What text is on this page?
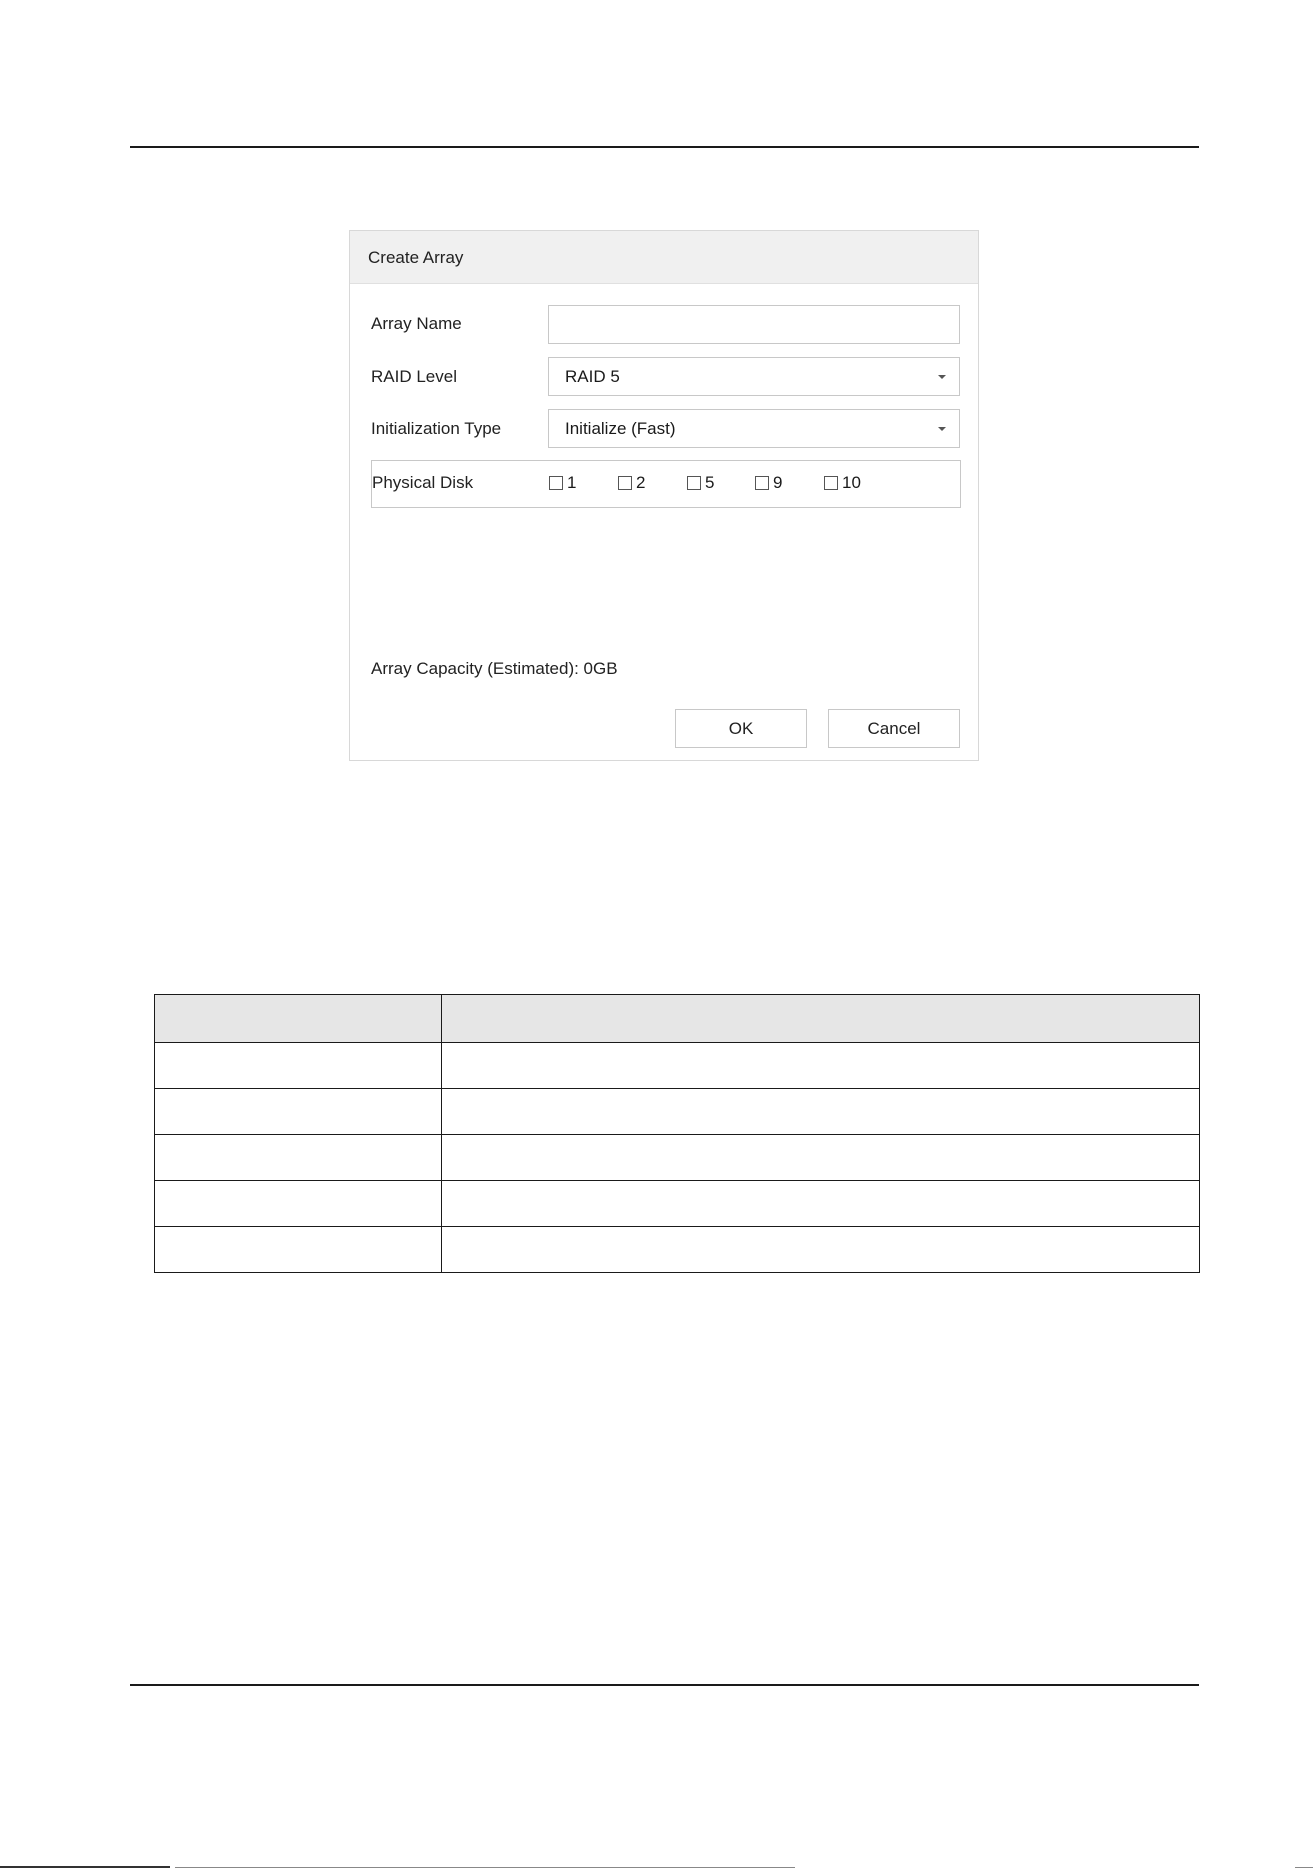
Create Array
Array Name
RAID Level	RAID 5
Initialization Type	Initialize (Fast)
Physical Disk	1	2	5	9	10
Array Capacity (Estimated): 0GB
OK	Cancel
